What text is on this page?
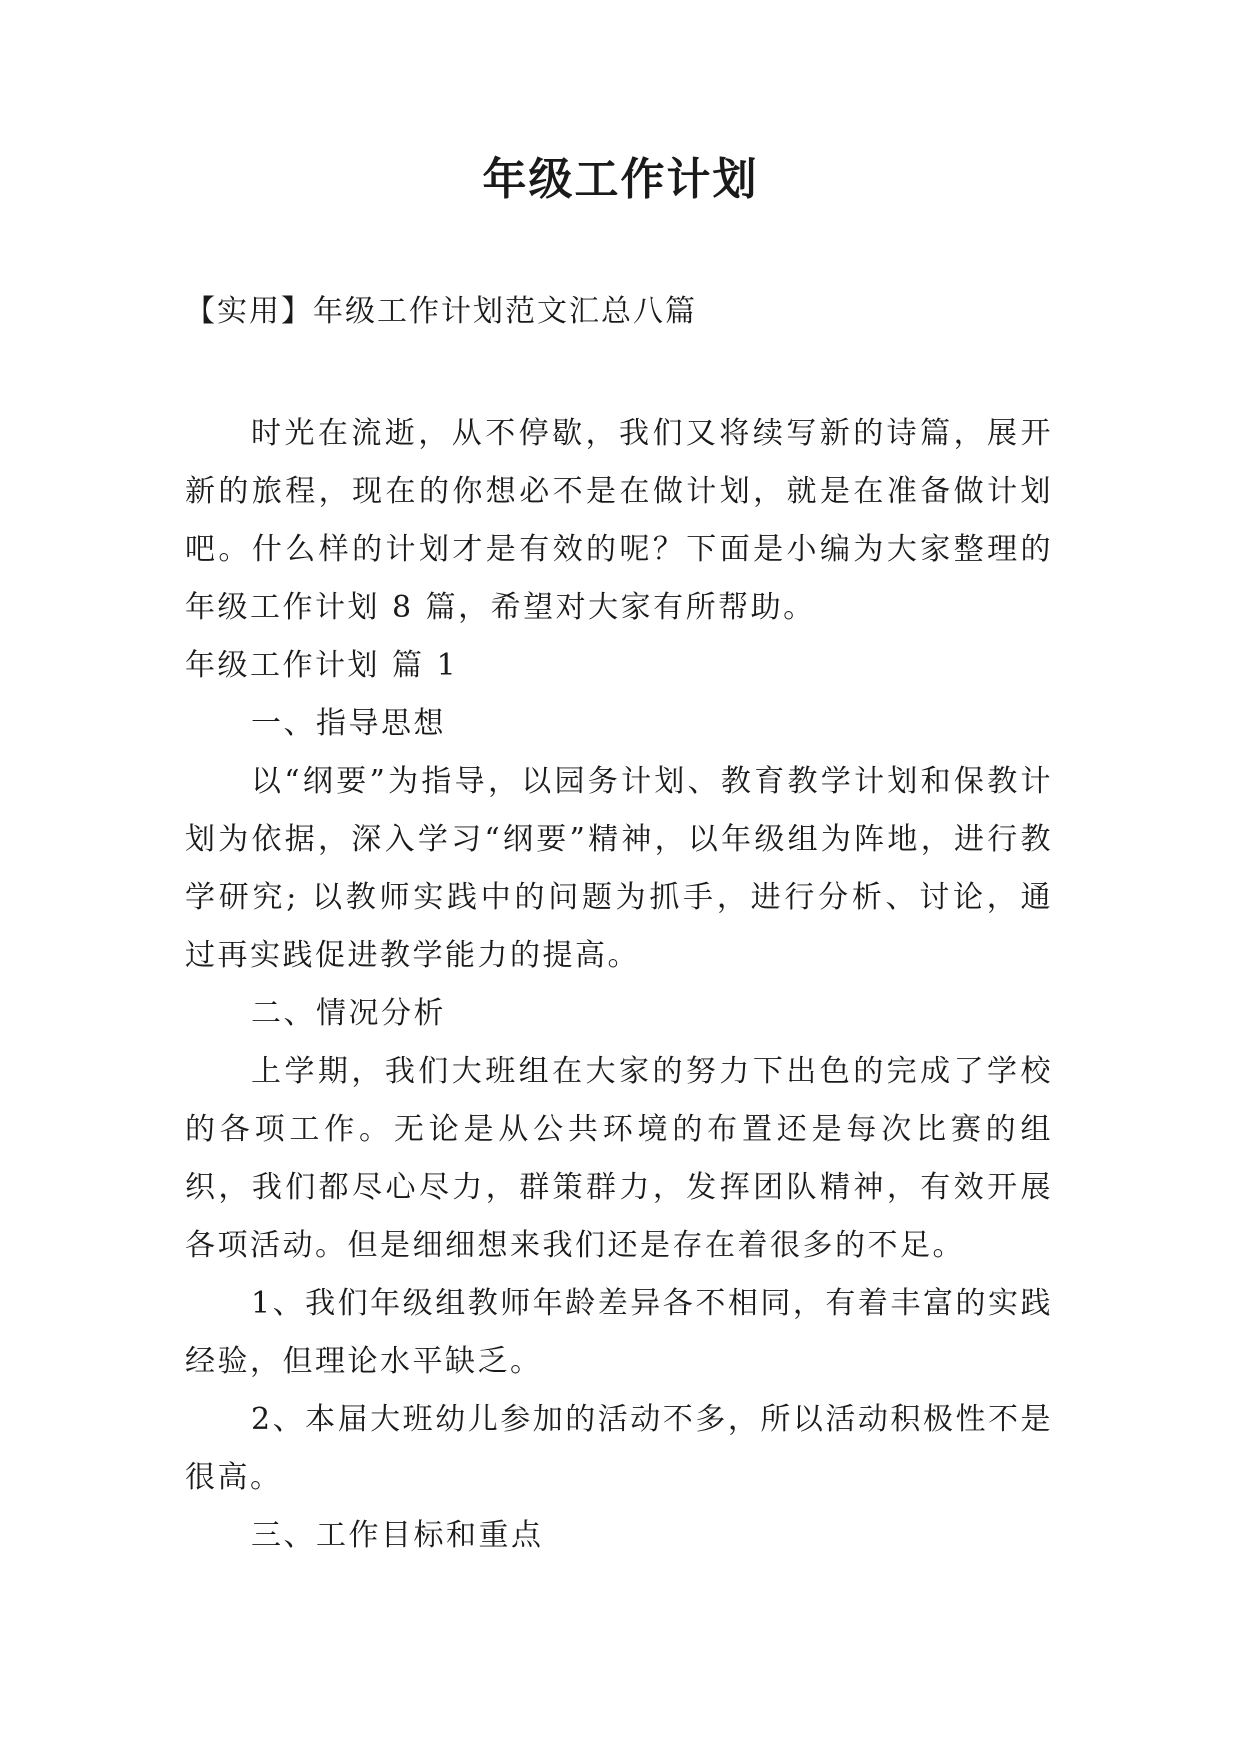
年级工作计划
【实用】年级工作计划范文汇总八篇

时光在流逝，从不停歇，我们又将续写新的诗篇，展开新的旅程，现在的你想必不是在做计划，就是在准备做计划吧。什么样的计划才是有效的呢？下面是小编为大家整理的年级工作计划 8 篇，希望对大家有所帮助。

年级工作计划 篇 1

一、指导思想

以“纲要”为指导，以园务计划、教育教学计划和保教计划为依据，深入学习“纲要”精神，以年级组为阵地，进行教学研究; 以教师实践中的问题为抓手，进行分析、讨论，通过再实践促进教学能力的提高。

二、情况分析

上学期，我们大班组在大家的努力下出色的完成了学校的各项工作。无论是从公共环境的布置还是每次比赛的组织，我们都尽心尽力，群策群力，发挥团队精神，有效开展各项活动。但是细细想来我们还是存在着很多的不足。

1、我们年级组教师年龄差异各不相同，有着丰富的实践经验，但理论水平缺乏。

2、本届大班幼儿参加的活动不多，所以活动积极性不是很高。

三、工作目标和重点
